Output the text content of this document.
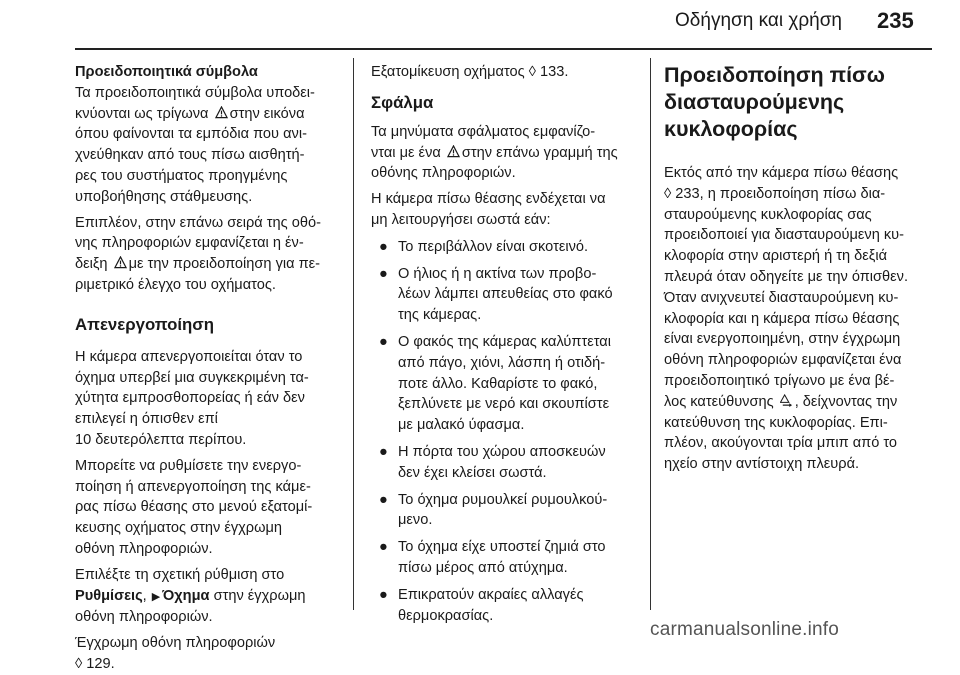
Οδήγηση και χρήση 235
Προειδοποιητικά σύμβολα
Τα προειδοποιητικά σύμβολα υποδει-
κνύονται ως τρίγωνα στην εικόνα
όπου φαίνονται τα εμπόδια που ανι-
χνεύθηκαν από τους πίσω αισθητή-
ρες του συστήματος προηγμένης
υποβοήθησης στάθμευσης.
Επιπλέον, στην επάνω σειρά της οθό-
νης πληροφοριών εμφανίζεται η έν-
δειξη με την προειδοποίηση για πε-
ριμετρικό έλεγχο του οχήματος.
Απενεργοποίηση
Η κάμερα απενεργοποιείται όταν το
όχημα υπερβεί μια συγκεκριμένη τα-
χύτητα εμπροσθοπορείας ή εάν δεν
επιλεγεί η όπισθεν επί
10 δευτερόλεπτα περίπου.
Μπορείτε να ρυθμίσετε την ενεργο-
ποίηση ή απενεργοποίηση της κάμε-
ρας πίσω θέασης στο μενού εξατομί-
κευσης οχήματος στην έγχρωμη
οθόνη πληροφοριών.
Επιλέξτε τη σχετική ρύθμιση στο
Ρυθμίσεις, ▶ Όχημα στην έγχρωμη
οθόνη πληροφοριών.
Έγχρωμη οθόνη πληροφοριών
◊ 129.
Εξατομίκευση οχήματος ◊ 133.
Σφάλμα
Τα μηνύματα σφάλματος εμφανίζο-
νται με ένα στην επάνω γραμμή της
οθόνης πληροφοριών.
Η κάμερα πίσω θέασης ενδέχεται να
μη λειτουργήσει σωστά εάν:
● Το περιβάλλον είναι σκοτεινό.
● Ο ήλιος ή η ακτίνα των προβο-
λέων λάμπει απευθείας στο φακό
της κάμερας.
● Ο φακός της κάμερας καλύπτεται
από πάγο, χιόνι, λάσπη ή οτιδή-
ποτε άλλο. Καθαρίστε το φακό,
ξεπλύνετε με νερό και σκουπίστε
με μαλακό ύφασμα.
● Η πόρτα του χώρου αποσκευών
δεν έχει κλείσει σωστά.
● Το όχημα ρυμουλκεί ρυμουλκού-
μενο.
● Το όχημα είχε υποστεί ζημιά στο
πίσω μέρος από ατύχημα.
● Επικρατούν ακραίες αλλαγές
θερμοκρασίας.
Προειδοποίηση πίσω
διασταυρούμενης
κυκλοφορίας
Εκτός από την κάμερα πίσω θέασης
◊ 233, η προειδοποίηση πίσω δια-
σταυρούμενης κυκλοφορίας σας
προειδοποιεί για διασταυρούμενη κυ-
κλοφορία στην αριστερή ή τη δεξιά
πλευρά όταν οδηγείτε με την όπισθεν.
Όταν ανιχνευτεί διασταυρούμενη κυ-
κλοφορία και η κάμερα πίσω θέασης
είναι ενεργοποιημένη, στην έγχρωμη
οθόνη πληροφοριών εμφανίζεται ένα
προειδοποιητικό τρίγωνο με ένα βέ-
λος κατεύθυνσης , δείχνοντας την
κατεύθυνση της κυκλοφορίας. Επι-
πλέον, ακούγονται τρία μπιπ από το
ηχείο στην αντίστοιχη πλευρά.
carmanualsonline.info
